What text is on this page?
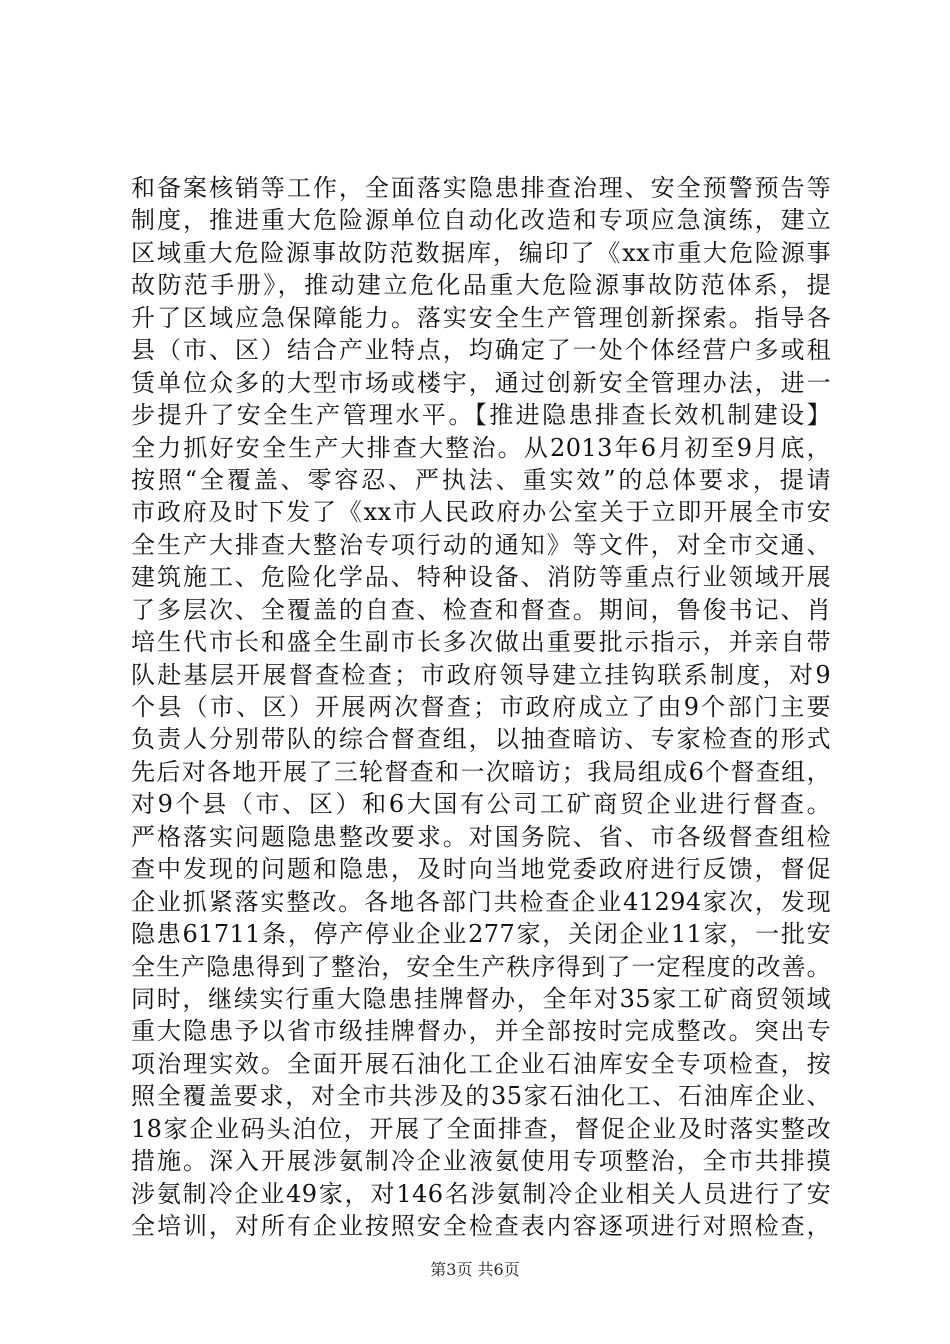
和备案核销等工作，全面落实隐患排查治理、安全预警预告等
制度，推进重大危险源单位自动化改造和专项应急演练，建立
区域重大危险源事故防范数据库，编印了《xx市重大危险源事
故防范手册》，推动建立危化品重大危险源事故防范体系，提
升了区域应急保障能力。落实安全生产管理创新探索。指导各
县（市、区）结合产业特点，均确定了一处个体经营户多或租
赁单位众多的大型市场或楼宇，通过创新安全管理办法，进一
步提升了安全生产管理水平。【推进隐患排查长效机制建设】
全力抓好安全生产大排查大整治。从2013年6月初至9月底，
按照“全覆盖、零容忍、严执法、重实效”的总体要求，提请
市政府及时下发了《xx市人民政府办公室关于立即开展全市安
全生产大排查大整治专项行动的通知》等文件，对全市交通、
建筑施工、危险化学品、特种设备、消防等重点行业领域开展
了多层次、全覆盖的自查、检查和督查。期间，鲁俊书记、肖
培生代市长和盛全生副市长多次做出重要批示指示，并亲自带
队赴基层开展督查检查；市政府领导建立挂钩联系制度，对9
个县（市、区）开展两次督查；市政府成立了由9个部门主要
负责人分别带队的综合督查组，以抽查暗访、专家检查的形式
先后对各地开展了三轮督查和一次暗访；我局组成6个督查组，
对9个县（市、区）和6大国有公司工矿商贸企业进行督查。
严格落实问题隐患整改要求。对国务院、省、市各级督查组检
查中发现的问题和隐患，及时向当地党委政府进行反馈，督促
企业抓紧落实整改。各地各部门共检查企业41294家次，发现
隐患61711条，停产停业企业277家，关闭企业11家，一批安
全生产隐患得到了整治，安全生产秩序得到了一定程度的改善。
同时，继续实行重大隐患挂牌督办，全年对35家工矿商贸领域
重大隐患予以省市级挂牌督办，并全部按时完成整改。突出专
项治理实效。全面开展石油化工企业石油库安全专项检查，按
照全覆盖要求，对全市共涉及的35家石油化工、石油库企业、
18家企业码头泊位，开展了全面排查，督促企业及时落实整改
措施。深入开展涉氨制冷企业液氨使用专项整治，全市共排摸
涉氨制冷企业49家，对146名涉氨制冷企业相关人员进行了安
全培训，对所有企业按照安全检查表内容逐项进行对照检查，
第3页 共6页
